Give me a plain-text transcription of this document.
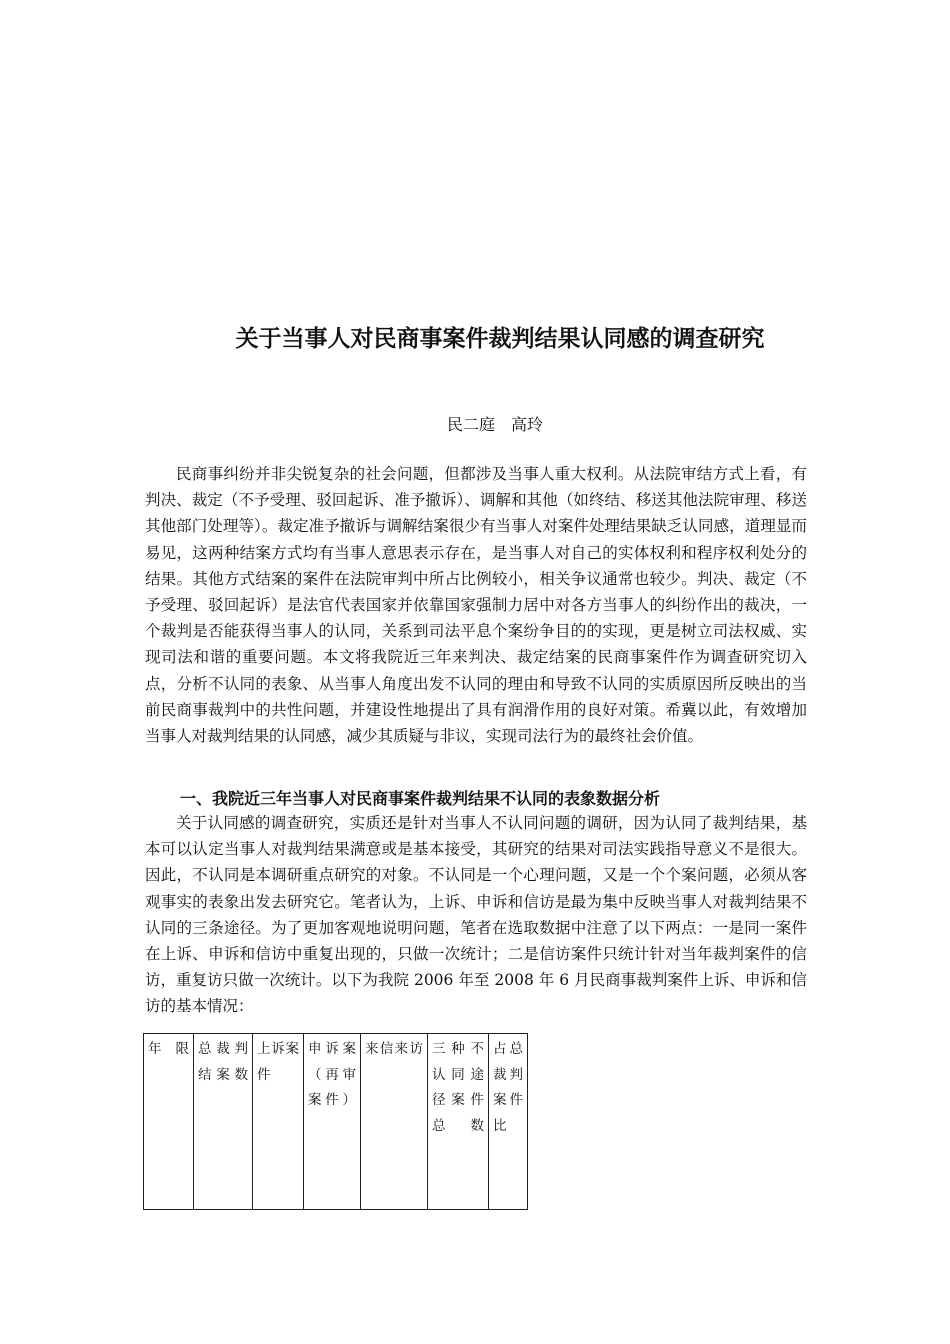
关于当事人对民商事案件裁判结果认同感的调查研究

民二庭　高玲

民商事纠纷并非尖锐复杂的社会问题，但都涉及当事人重大权利。从法院审结方式上看，有判决、裁定（不予受理、驳回起诉、准予撤诉）、调解和其他（如终结、移送其他法院审理、移送其他部门处理等）。裁定准予撤诉与调解结案很少有当事人对案件处理结果缺乏认同感，道理显而易见，这两种结案方式均有当事人意思表示存在，是当事人对自己的实体权利和程序权利处分的结果。其他方式结案的案件在法院审判中所占比例较小，相关争议通常也较少。判决、裁定（不予受理、驳回起诉）是法官代表国家并依靠国家强制力居中对各方当事人的纠纷作出的裁决，一个裁判是否能获得当事人的认同，关系到司法平息个案纷争目的的实现，更是树立司法权威、实现司法和谐的重要问题。本文将我院近三年来判决、裁定结案的民商事案件作为调查研究切入点，分析不认同的表象、从当事人角度出发不认同的理由和导致不认同的实质原因所反映出的当前民商事裁判中的共性问题，并建设性地提出了具有润滑作用的良好对策。希冀以此，有效增加当事人对裁判结果的认同感，减少其质疑与非议，实现司法行为的最终社会价值。

一、我院近三年当事人对民商事案件裁判结果不认同的表象数据分析

关于认同感的调查研究，实质还是针对当事人不认同问题的调研，因为认同了裁判结果，基本可以认定当事人对裁判结果满意或是基本接受，其研究的结果对司法实践指导意义不是很大。因此，不认同是本调研重点研究的对象。不认同是一个心理问题，又是一个个案问题，必须从客观事实的表象出发去研究它。笔者认为，上诉、申诉和信访是最为集中反映当事人对裁判结果不认同的三条途径。为了更加客观地说明问题，笔者在选取数据中注意了以下两点：一是同一案件在上诉、申诉和信访中重复出现的，只做一次统计；二是信访案件只统计针对当年裁判案件的信访，重复访只做一次统计。以下为我院 2006 年至 2008 年 6 月民商事裁判案件上诉、申诉和信访的基本情况：

年限	总裁判结案数	上诉案件	申诉案（再审案件）	来信来访	三种不认同途径案件总数	占总裁判案件比
